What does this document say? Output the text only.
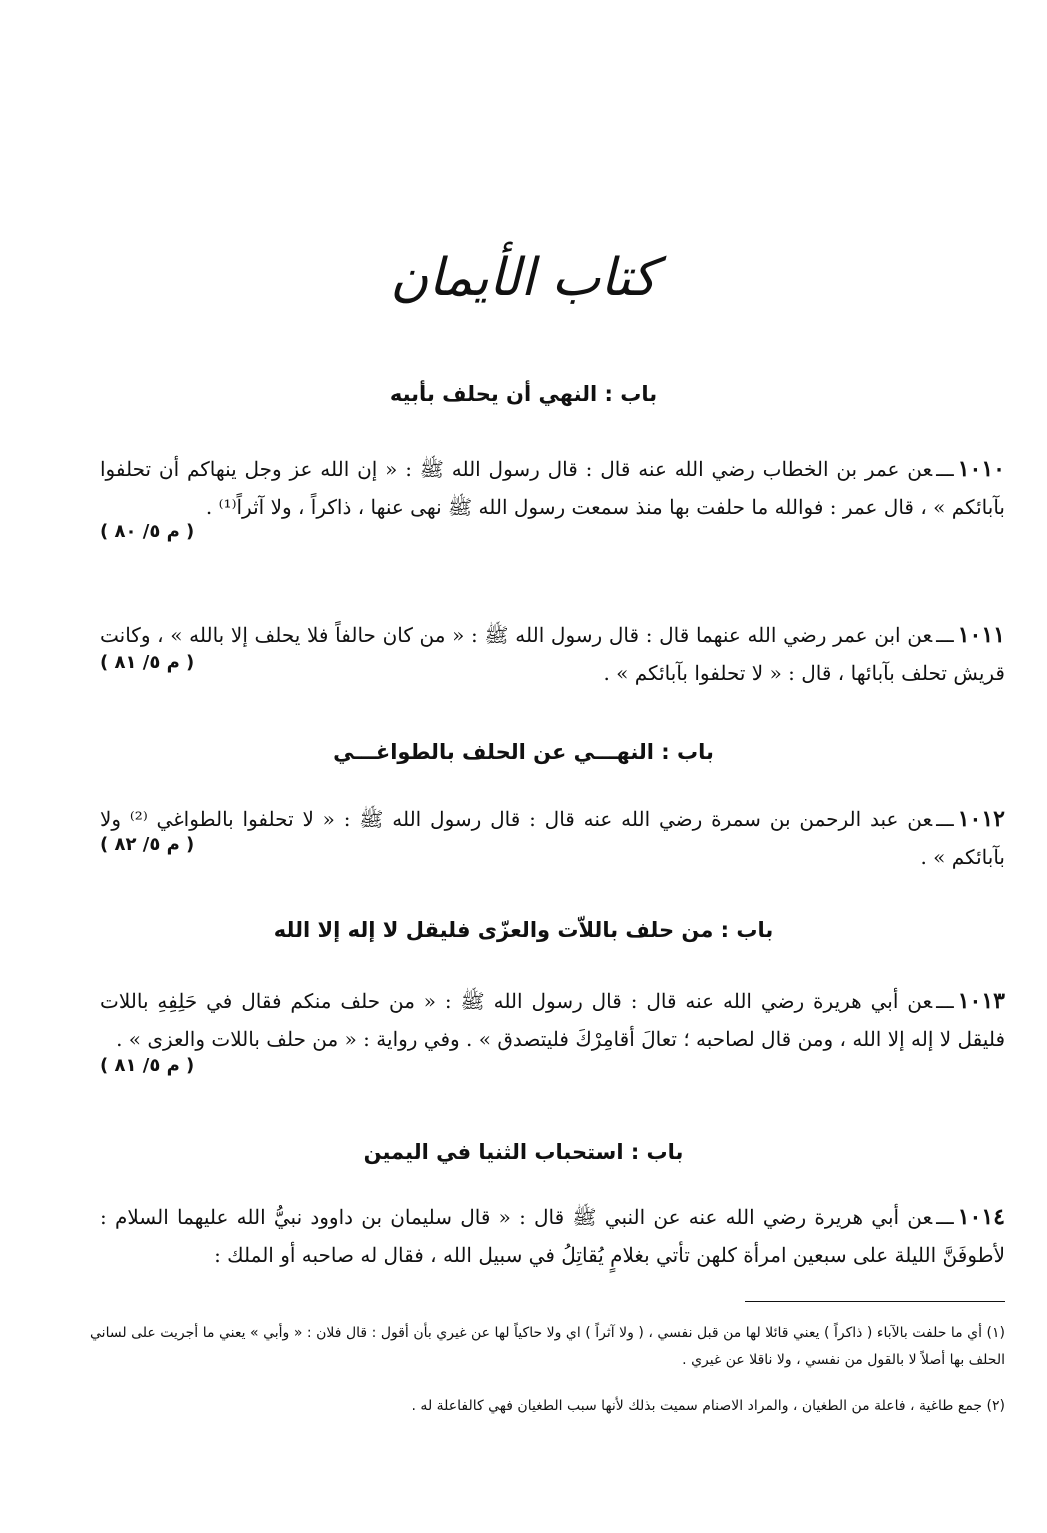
كتاب الأيمان
باب : النهي أن يحلف بأبيه
١٠١٠ـــعن عمر بن الخطاب رضي الله عنه قال : قال رسول الله ﷺ : « إن الله عز وجل ينهاكم أن تحلفوا بآبائكم » ، قال عمر : فوالله ما حلفت بها منذ سمعت رسول الله ﷺ نهى عنها ، ذاكراً ، ولا آثراً⁽¹⁾ .
( م ٥/ ٨٠ )
١٠١١ـــعن ابن عمر رضي الله عنهما قال : قال رسول الله ﷺ : « من كان حالفاً فلا يحلف إلا بالله » ، وكانت قريش تحلف بآبائها ، قال : « لا تحلفوا بآبائكم » .
( م ٥/ ٨١ )
باب : النهـــي عن الحلف بالطواغـــي
١٠١٢ـــعن عبد الرحمن بن سمرة رضي الله عنه قال : قال رسول الله ﷺ : « لا تحلفوا بالطواغي ⁽²⁾ ولا بآبائكم » .
( م ٥/ ٨٢ )
باب : من حلف باللاّت والعزّى فليقل لا إله إلا الله
١٠١٣ـــعن أبي هريرة رضي الله عنه قال : قال رسول الله ﷺ : « من حلف منكم فقال في حَلِفِهِ باللات فليقل لا إله إلا الله ، ومن قال لصاحبه ؛ تعالَ أقامِرْكَ فليتصدق » . وفي رواية : « من حلف باللات والعزى » .
( م ٥/ ٨١ )
باب : استحباب الثنيا في اليمين
١٠١٤ـــعن أبي هريرة رضي الله عنه عن النبي ﷺ قال : « قال سليمان بن داوود نبيُّ الله عليهما السلام : لأطوفَنَّ الليلة على سبعين امرأة كلهن تأتي بغلامٍ يُقاتِلُ في سبيل الله ، فقال له صاحبه أو الملك :
(١) أي ما حلفت بالآباء ( ذاكراً ) يعني قائلا لها من قبل نفسي ، ( ولا آثراً ) اي ولا حاكياً لها عن غيري بأن أقول : قال فلان : « وأبي » يعني ما أجريت على لساني الحلف بها أصلاً لا بالقول من نفسي ، ولا ناقلا عن غيري .
(٢) جمع طاغية ، فاعلة من الطغيان ، والمراد الاصنام سميت بذلك لأنها سبب الطغيان فهي كالفاعلة له .
